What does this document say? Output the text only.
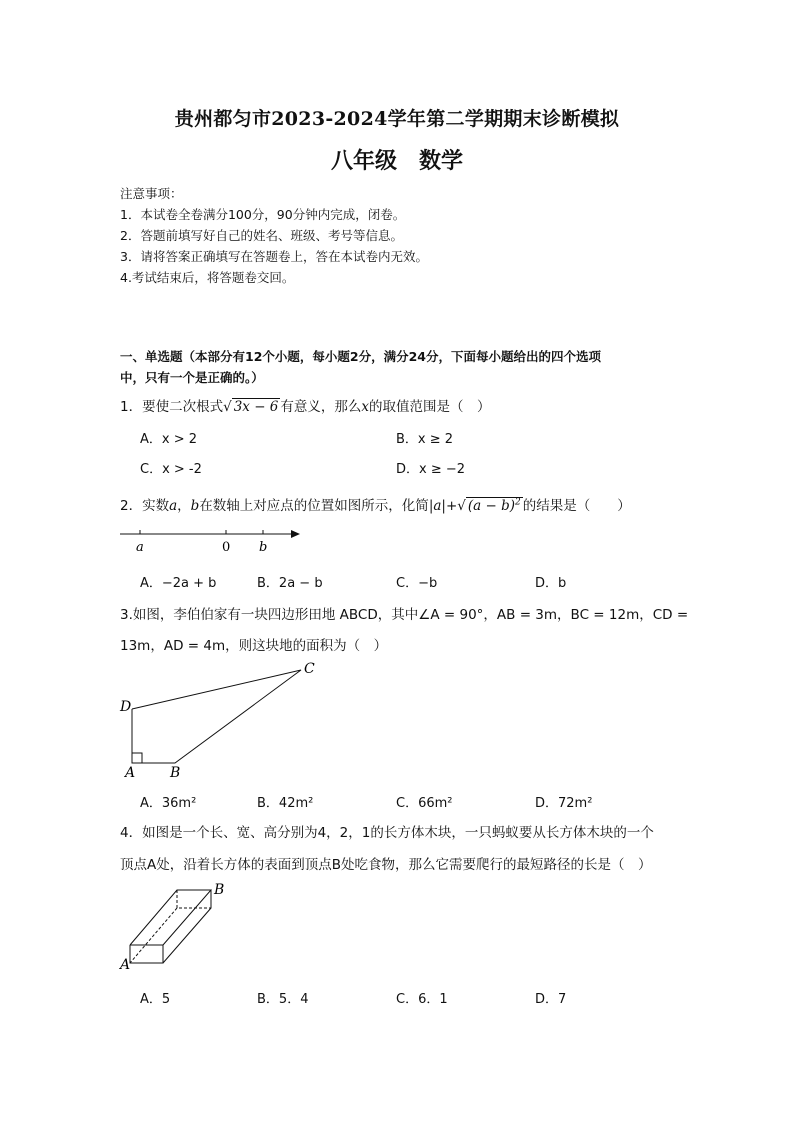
贵州都匀市2023-2024学年第二学期期末诊断模拟
八年级　数学
注意事项：
1．本试卷全卷满分100分，90分钟内完成，闭卷。
2．答题前填写好自己的姓名、班级、考号等信息。
3．请将答案正确填写在答题卷上，答在本试卷内无效。
4.考试结束后，将答题卷交回。
一、单选题（本部分有12个小题，每小题2分，满分24分，下面每小题给出的四个选项
中，只有一个是正确的。）
1．要使二次根式√ 3x − 6 有意义，那么x的取值范围是（　）
A．x > 2	B．x ≥ 2
C．x > -2	D．x ≥ −2
2．实数a，b在数轴上对应点的位置如图所示，化简|a|+√ $(a - b)^2$ 的结果是（　　）
a	0 b
A．−2a + b	B．2a − b	C．−b	D．b
3.如图，李伯伯家有一块四边形田地 ABCD，其中∠A = 90°，AB = 3m，BC = 12m，CD =
13m，AD = 4m，则这块地的面积为（　）
D
C
A B
A．36m²	B．42m²	C．66m²	D．72m²
4．如图是一个长、宽、高分别为4，2，1的长方体木块，一只蚂蚁要从长方体木块的一个
顶点A处，沿着长方体的表面到顶点B处吃食物，那么它需要爬行的最短路径的长是（　）
B
A
A．5	B．5．4	C．6．1	D．7
